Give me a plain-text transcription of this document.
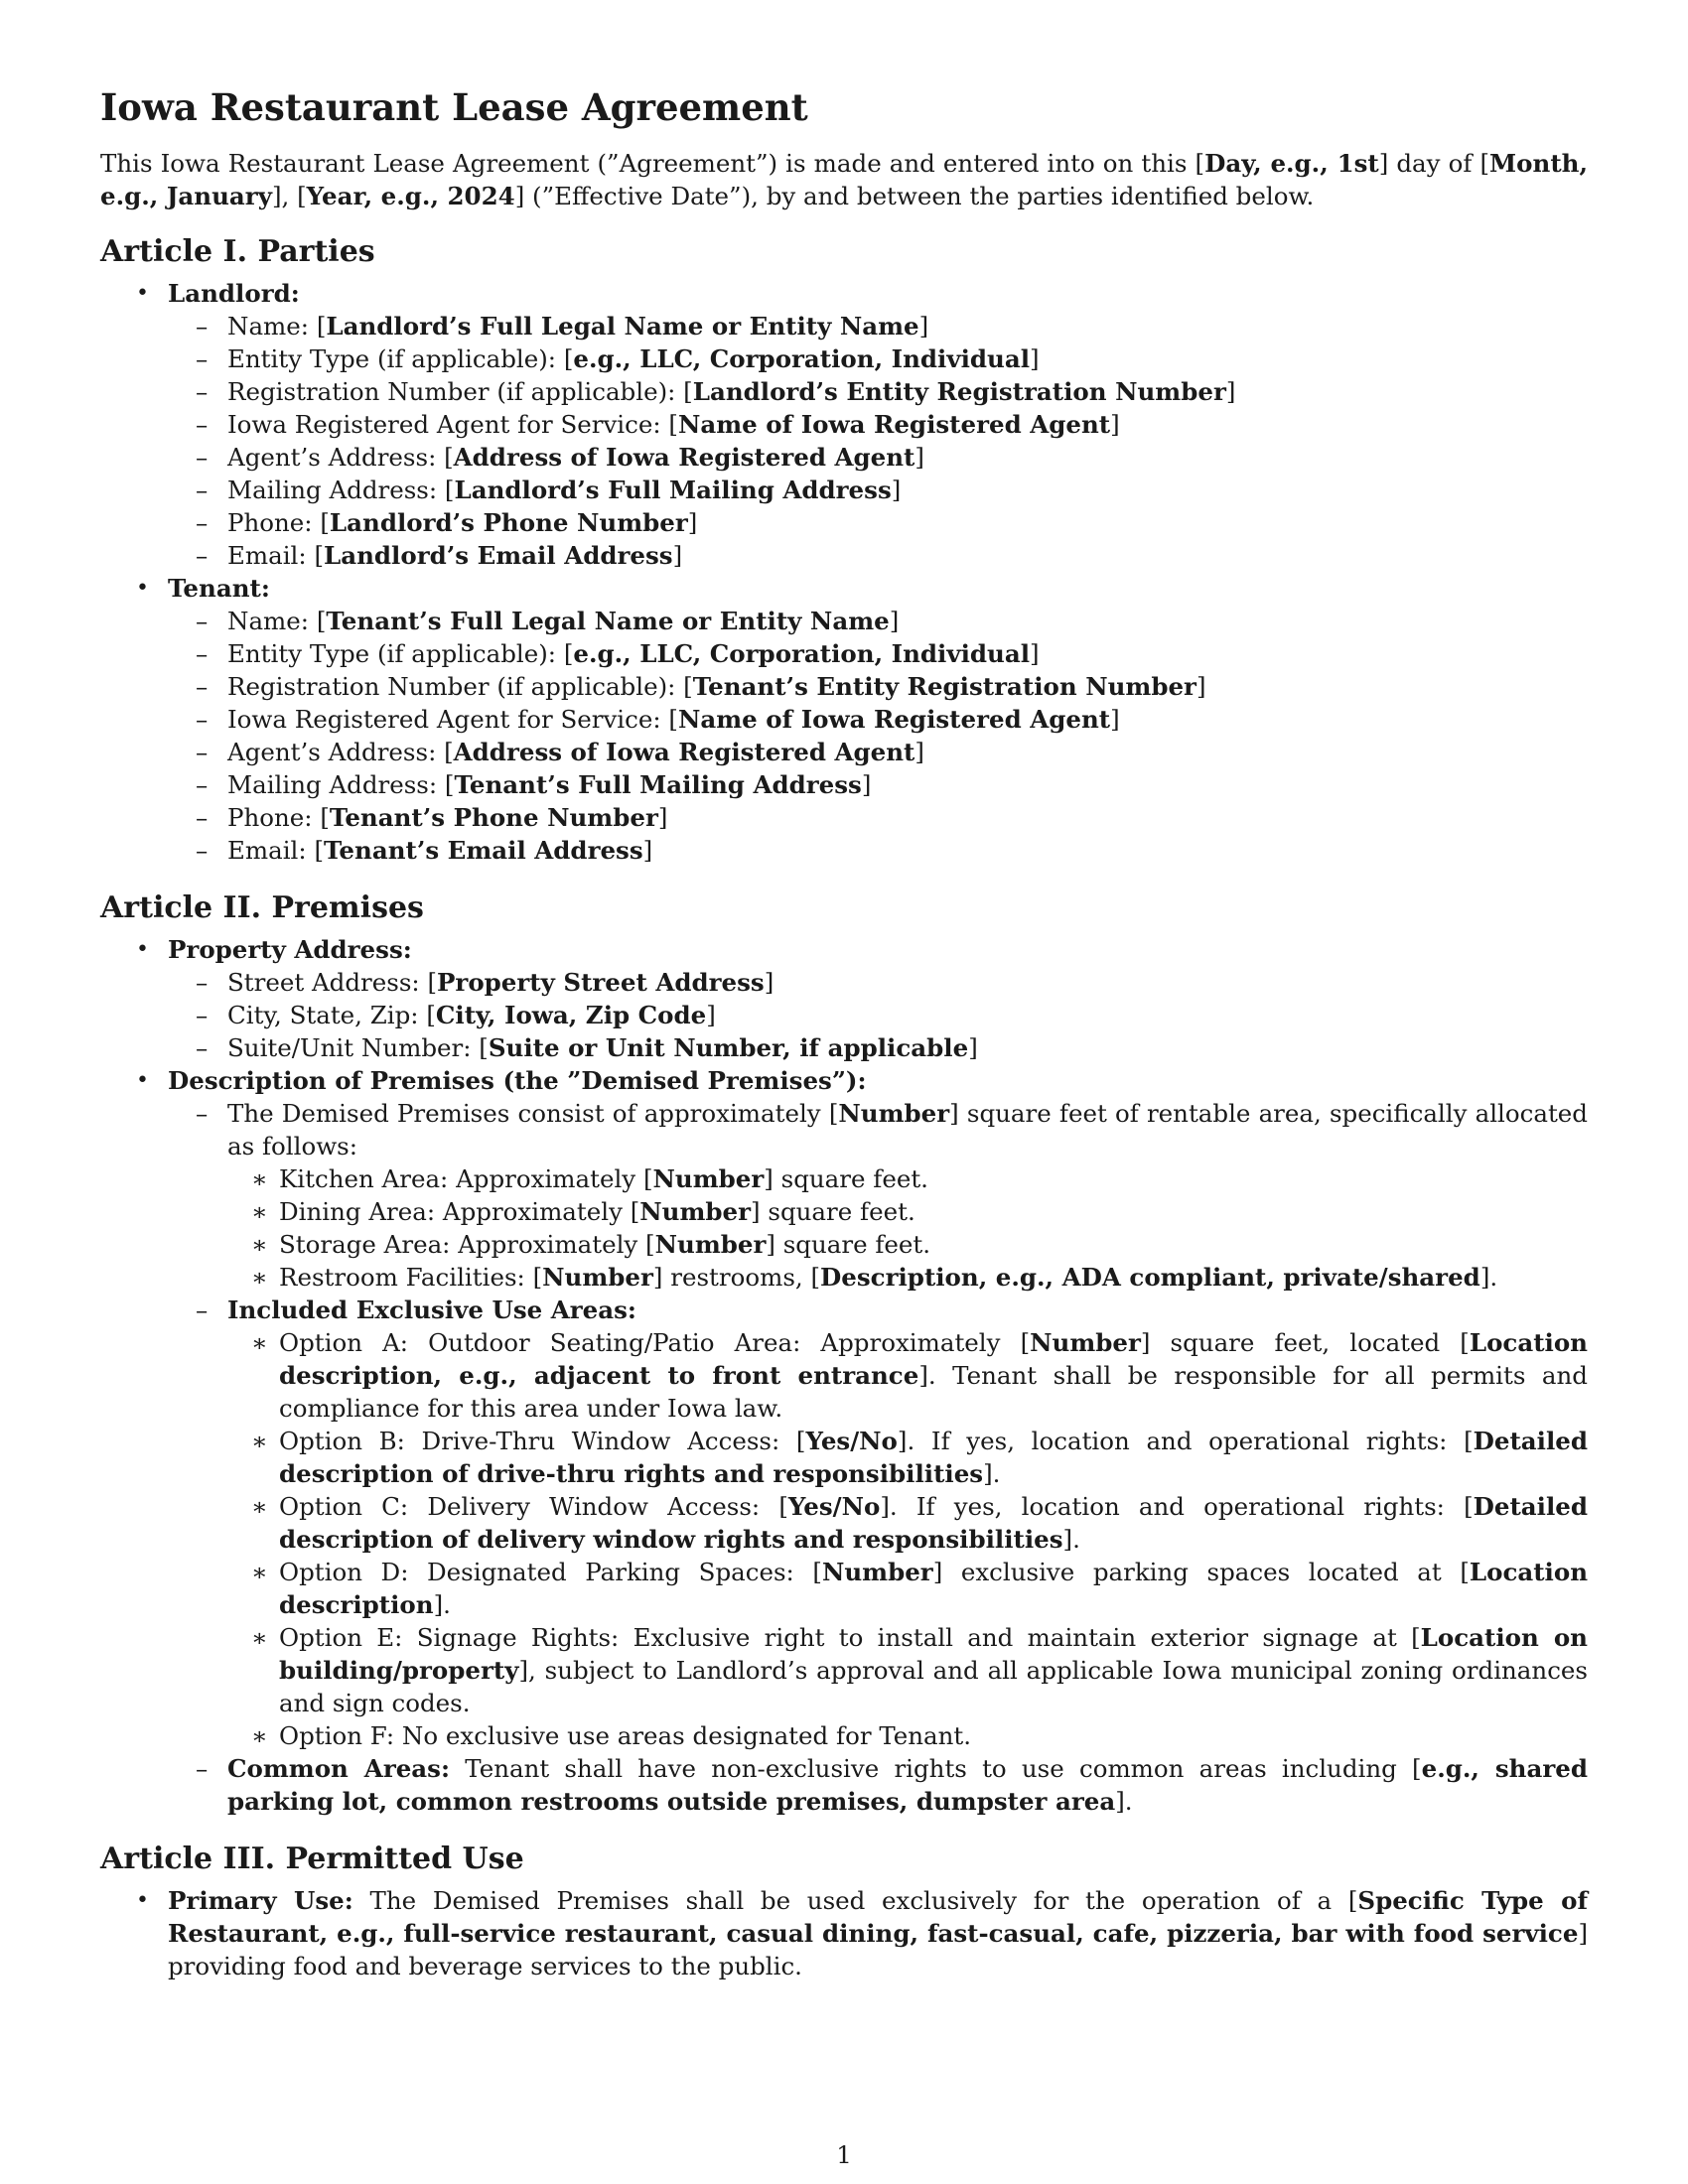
Iowa Restaurant Lease Agreement

This Iowa Restaurant Lease Agreement (”Agreement”) is made and entered into on this [Day, e.g., 1st] day of [Month, e.g., January], [Year, e.g., 2024] (”Effective Date”), by and between the parties identified below.

Article I. Parties
• Landlord:
– Name: [Landlord’s Full Legal Name or Entity Name]
– Entity Type (if applicable): [e.g., LLC, Corporation, Individual]
– Registration Number (if applicable): [Landlord’s Entity Registration Number]
– Iowa Registered Agent for Service: [Name of Iowa Registered Agent]
– Agent’s Address: [Address of Iowa Registered Agent]
– Mailing Address: [Landlord’s Full Mailing Address]
– Phone: [Landlord’s Phone Number]
– Email: [Landlord’s Email Address]
• Tenant:
– Name: [Tenant’s Full Legal Name or Entity Name]
– Entity Type (if applicable): [e.g., LLC, Corporation, Individual]
– Registration Number (if applicable): [Tenant’s Entity Registration Number]
– Iowa Registered Agent for Service: [Name of Iowa Registered Agent]
– Agent’s Address: [Address of Iowa Registered Agent]
– Mailing Address: [Tenant’s Full Mailing Address]
– Phone: [Tenant’s Phone Number]
– Email: [Tenant’s Email Address]
Article II. Premises
• Property Address:
– Street Address: [Property Street Address]
– City, State, Zip: [City, Iowa, Zip Code]
– Suite/Unit Number: [Suite or Unit Number, if applicable]
• Description of Premises (the ”Demised Premises”):
– The Demised Premises consist of approximately [Number] square feet of rentable area, specifically allocated as follows:
∗ Kitchen Area: Approximately [Number] square feet.
∗ Dining Area: Approximately [Number] square feet.
∗ Storage Area: Approximately [Number] square feet.
∗ Restroom Facilities: [Number] restrooms, [Description, e.g., ADA compliant, private/shared].
– Included Exclusive Use Areas:
∗ Option A: Outdoor Seating/Patio Area: Approximately [Number] square feet, located [Location description, e.g., adjacent to front entrance]. Tenant shall be responsible for all permits and compliance for this area under Iowa law.
∗ Option B: Drive-Thru Window Access: [Yes/No]. If yes, location and operational rights: [Detailed description of drive-thru rights and responsibilities].
∗ Option C: Delivery Window Access: [Yes/No]. If yes, location and operational rights: [Detailed description of delivery window rights and responsibilities].
∗ Option D: Designated Parking Spaces: [Number] exclusive parking spaces located at [Location description].
∗ Option E: Signage Rights: Exclusive right to install and maintain exterior signage at [Location on building/property], subject to Landlord’s approval and all applicable Iowa municipal zoning ordinances and sign codes.
∗ Option F: No exclusive use areas designated for Tenant.
– Common Areas: Tenant shall have non-exclusive rights to use common areas including [e.g., shared parking lot, common restrooms outside premises, dumpster area].
Article III. Permitted Use
• Primary Use: The Demised Premises shall be used exclusively for the operation of a [Specific Type of Restaurant, e.g., full-service restaurant, casual dining, fast-casual, cafe, pizzeria, bar with food service] providing food and beverage services to the public.
1
